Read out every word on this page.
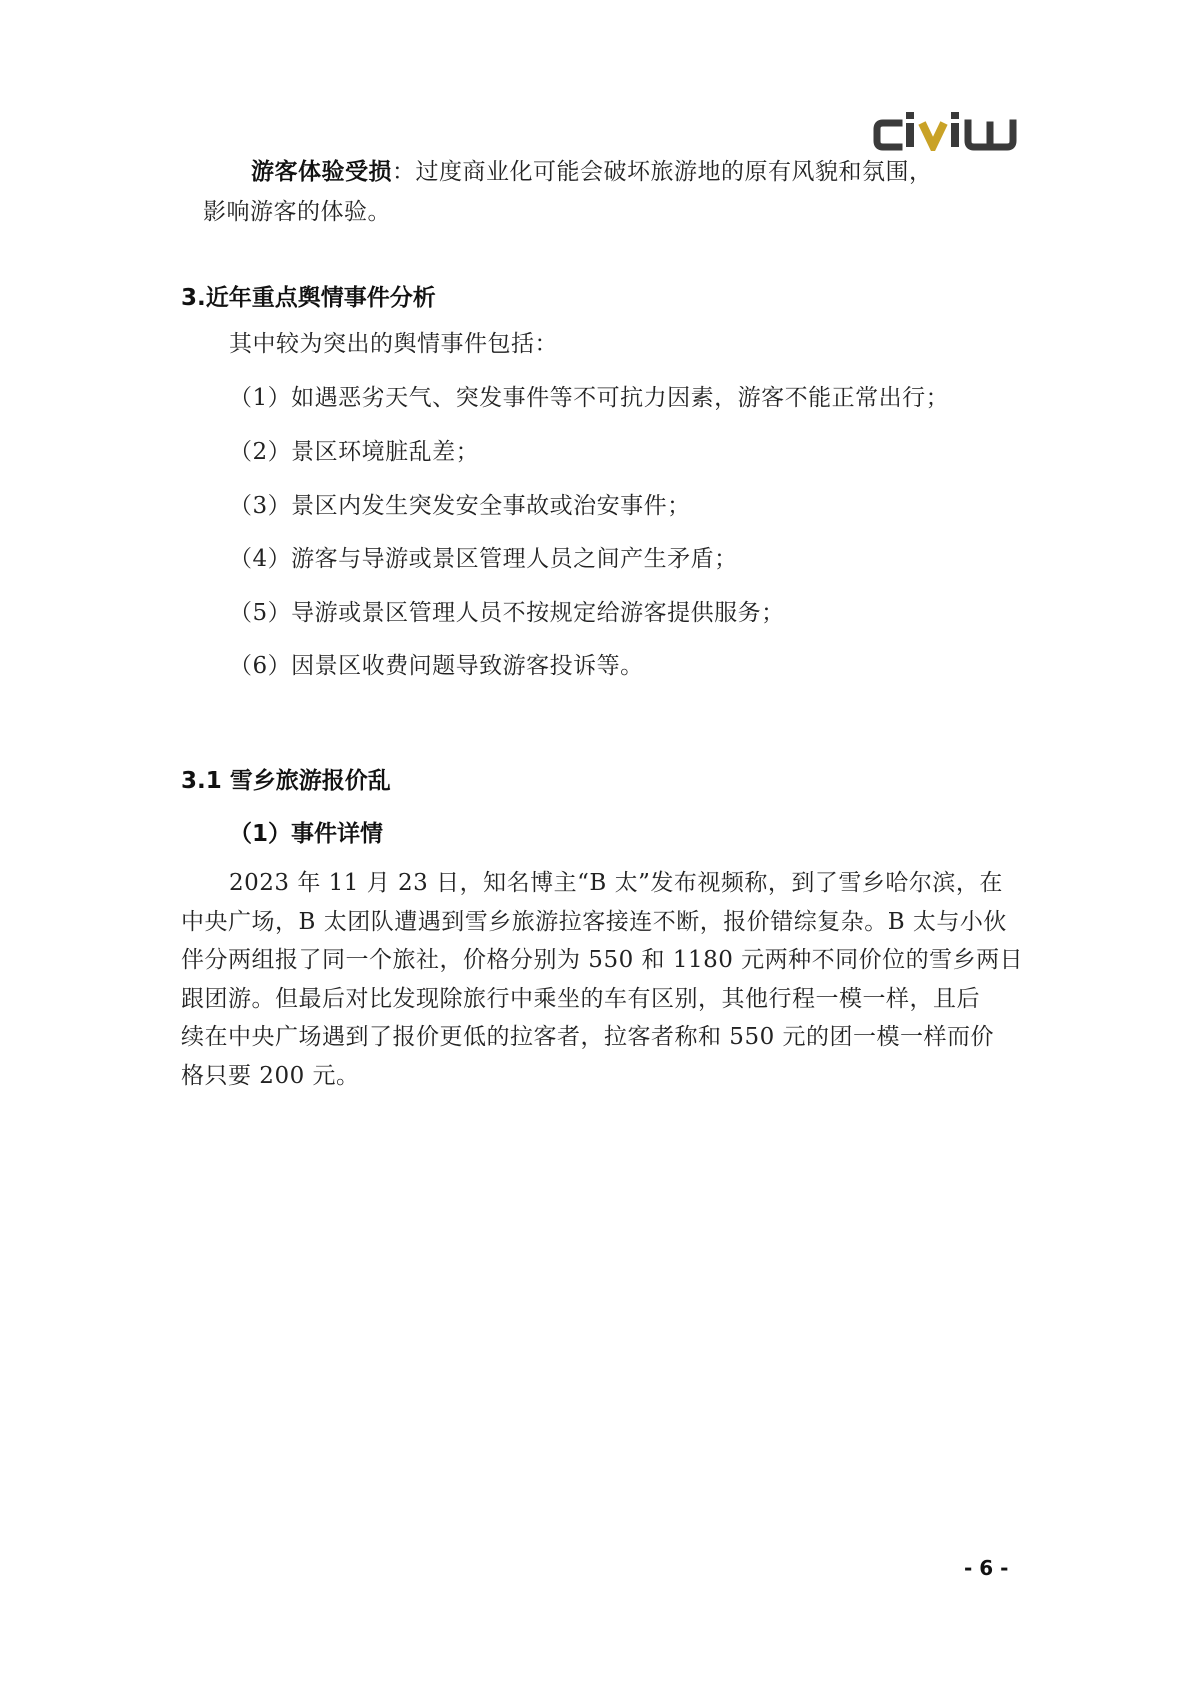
游客体验受损：过度商业化可能会破坏旅游地的原有风貌和氛围，
影响游客的体验。
3.近年重点舆情事件分析
其中较为突出的舆情事件包括：
（1）如遇恶劣天气、突发事件等不可抗力因素，游客不能正常出行；
（2）景区环境脏乱差；
（3）景区内发生突发安全事故或治安事件；
（4）游客与导游或景区管理人员之间产生矛盾；
（5）导游或景区管理人员不按规定给游客提供服务；
（6）因景区收费问题导致游客投诉等。
3.1 雪乡旅游报价乱
（1）事件详情
2023 年 11 月 23 日，知名博主“B 太”发布视频称，到了雪乡哈尔滨，在
中央广场，B 太团队遭遇到雪乡旅游拉客接连不断，报价错综复杂。B 太与小伙
伴分两组报了同一个旅社，价格分别为 550 和 1180 元两种不同价位的雪乡两日
跟团游。但最后对比发现除旅行中乘坐的车有区别，其他行程一模一样，且后
续在中央广场遇到了报价更低的拉客者，拉客者称和 550 元的团一模一样而价
格只要 200 元。
- 6 -
